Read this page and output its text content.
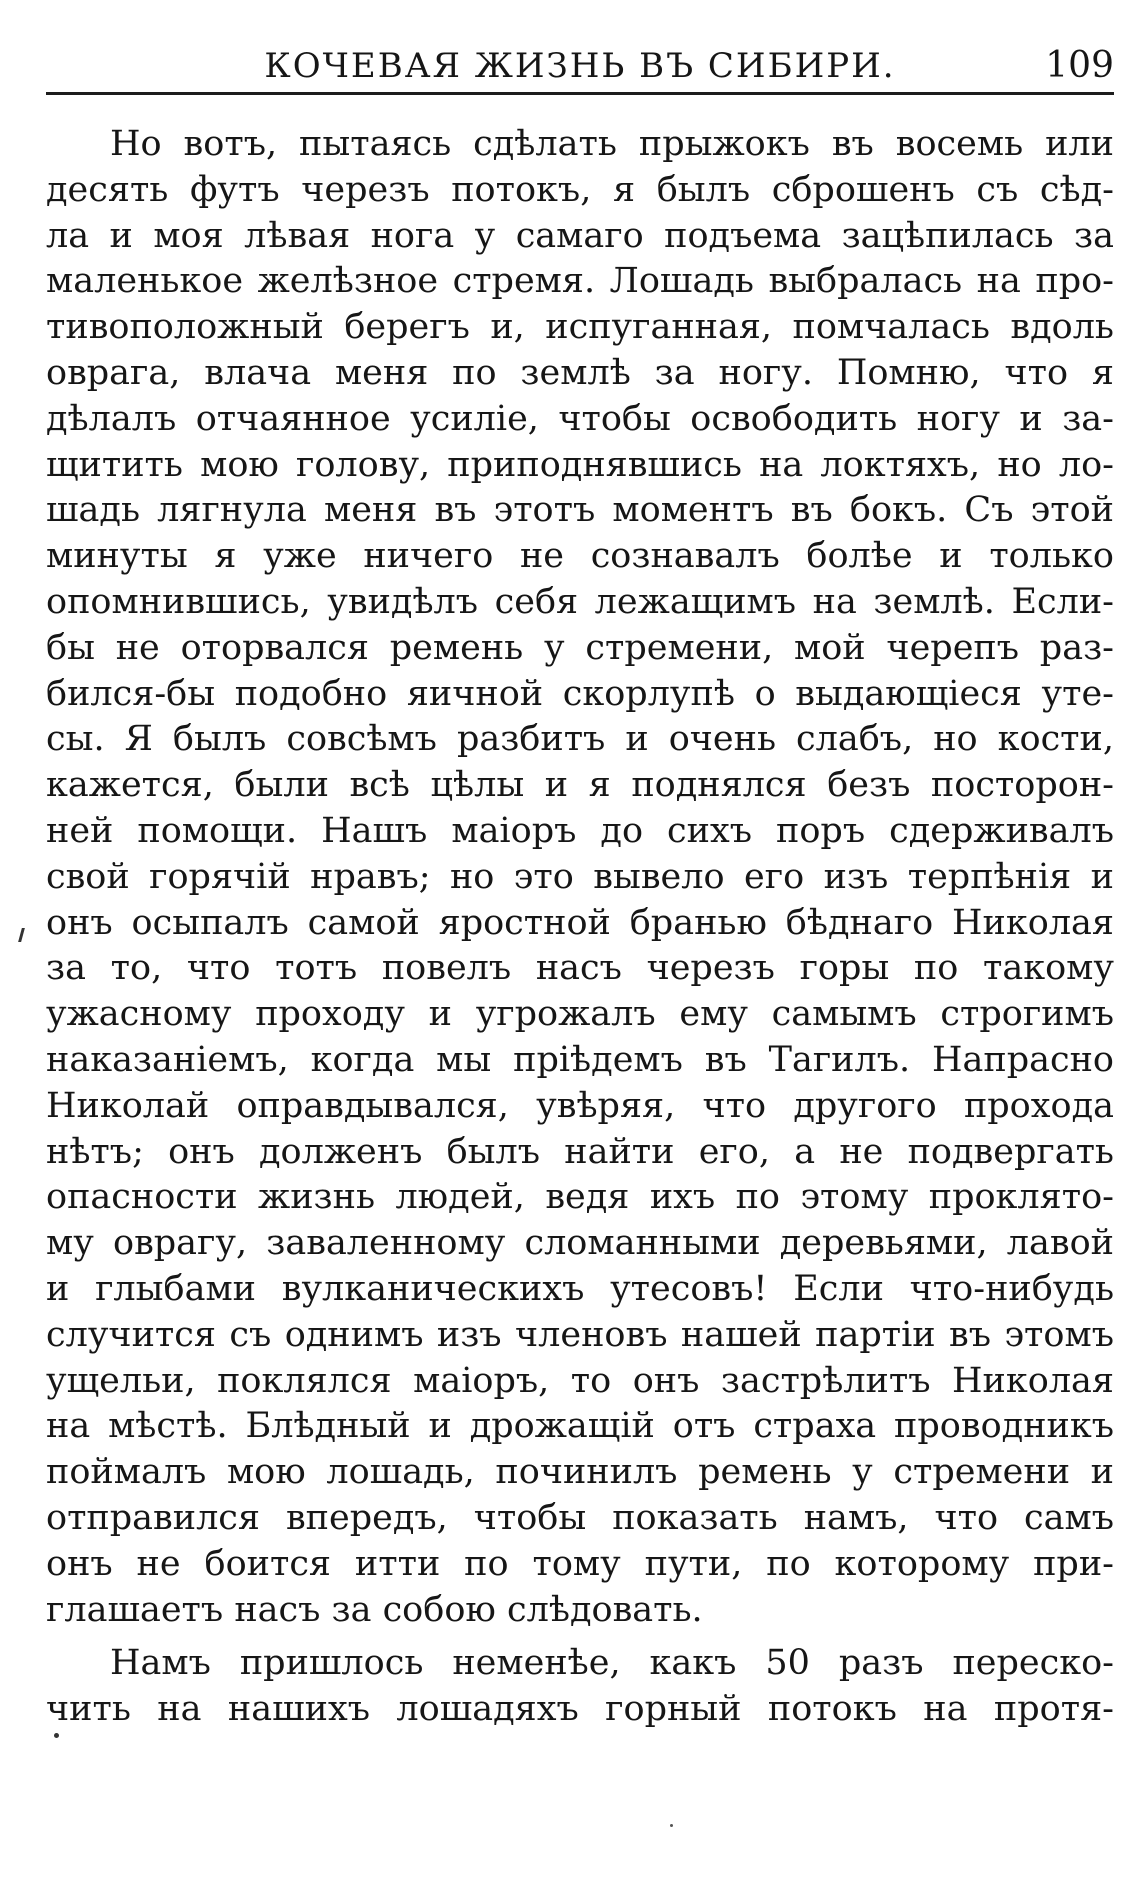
КОЧЕВАЯ ЖИЗНЬ ВЪ СИБИРИ.	109
Но вотъ, пытаясь сдѣлать прыжокъ въ восемь или
десять футъ черезъ потокъ, я былъ сброшенъ съ сѣд-
ла и моя лѣвая нога у самаго подъема зацѣпилась за
маленькое желѣзное стремя. Лошадь выбралась на про-
тивоположный берегъ и, испуганная, помчалась вдоль
оврага, влача меня по землѣ за ногу. Помню, что я
дѣлалъ отчаянное усиліе, чтобы освободить ногу и за-
щитить мою голову, приподнявшись на локтяхъ, но ло-
шадь лягнула меня въ этотъ моментъ въ бокъ. Съ этой
минуты я уже ничего не сознавалъ болѣе и только
опомнившись, увидѣлъ себя лежащимъ на землѣ. Если-
бы не оторвался ремень у стремени, мой черепъ раз-
бился-бы подобно яичной скорлупѣ о выдающіеся уте-
сы. Я былъ совсѣмъ разбитъ и очень слабъ, но кости,
кажется, были всѣ цѣлы и я поднялся безъ посторон-
ней помощи. Нашъ маіоръ до сихъ поръ сдерживалъ
свой горячій нравъ; но это вывело его изъ терпѣнія и
онъ осыпалъ самой яростной бранью бѣднаго Николая
за то, что тотъ повелъ насъ черезъ горы по такому
ужасному проходу и угрожалъ ему самымъ строгимъ
наказаніемъ, когда мы пріѣдемъ въ Тагилъ. Напрасно
Николай оправдывался, увѣряя, что другого прохода
нѣтъ; онъ долженъ былъ найти его, а не подвергать
опасности жизнь людей, ведя ихъ по этому проклято-
му оврагу, заваленному сломанными деревьями, лавой
и глыбами вулканическихъ утесовъ! Если что-нибудь
случится съ однимъ изъ членовъ нашей партіи въ этомъ
ущельи, поклялся маіоръ, то онъ застрѣлитъ Николая
на мѣстѣ. Блѣдный и дрожащій отъ страха проводникъ
поймалъ мою лошадь, починилъ ремень у стремени и
отправился впередъ, чтобы показать намъ, что самъ
онъ не боится итти по тому пути, по которому при-
глашаетъ насъ за собою слѣдовать.
Намъ пришлось неменѣе, какъ 50 разъ переско-
чить на нашихъ лошадяхъ горный потокъ на протя-
